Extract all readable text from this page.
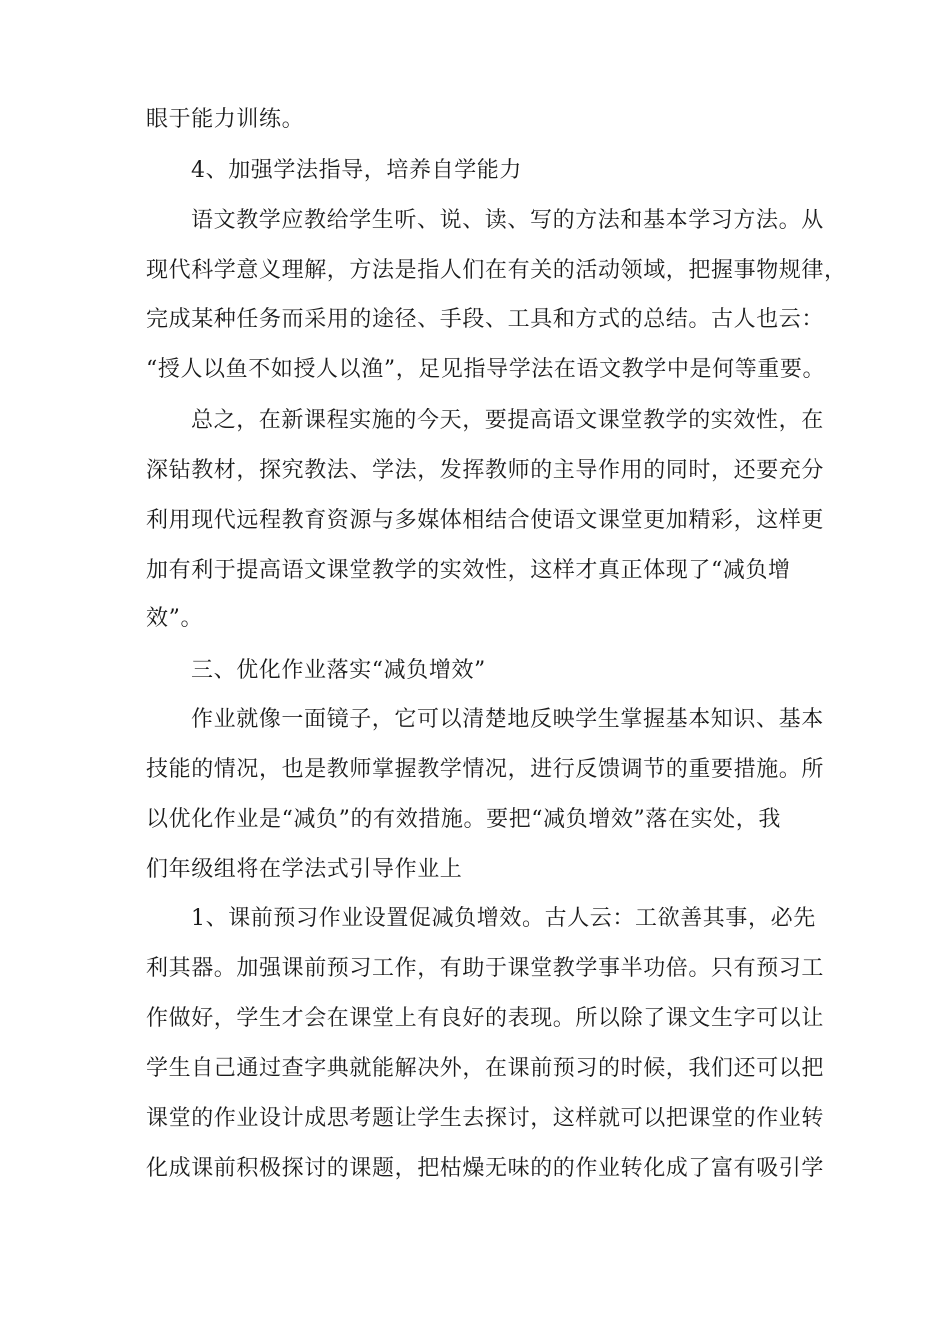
眼于能力训练。
4、加强学法指导，培养自学能力
语文教学应教给学生听、说、读、写的方法和基本学习方法。从
现代科学意义理解，方法是指人们在有关的活动领域，把握事物规律，
完成某种任务而采用的途径、手段、工具和方式的总结。古人也云：
“授人以鱼不如授人以渔”，足见指导学法在语文教学中是何等重要。
总之，在新课程实施的今天，要提高语文课堂教学的实效性，在
深钻教材，探究教法、学法，发挥教师的主导作用的同时，还要充分
利用现代远程教育资源与多媒体相结合使语文课堂更加精彩，这样更
加有利于提高语文课堂教学的实效性，这样才真正体现了“减负增
效”。
三、优化作业落实“减负增效”
作业就像一面镜子，它可以清楚地反映学生掌握基本知识、基本
技能的情况，也是教师掌握教学情况，进行反馈调节的重要措施。所
以优化作业是“减负”的有效措施。要把“减负增效”落在实处，我
们年级组将在学法式引导作业上
1、课前预习作业设置促减负增效。古人云：工欲善其事，必先
利其器。加强课前预习工作，有助于课堂教学事半功倍。只有预习工
作做好，学生才会在课堂上有良好的表现。所以除了课文生字可以让
学生自己通过查字典就能解决外，在课前预习的时候，我们还可以把
课堂的作业设计成思考题让学生去探讨，这样就可以把课堂的作业转
化成课前积极探讨的课题，把枯燥无味的的作业转化成了富有吸引学
